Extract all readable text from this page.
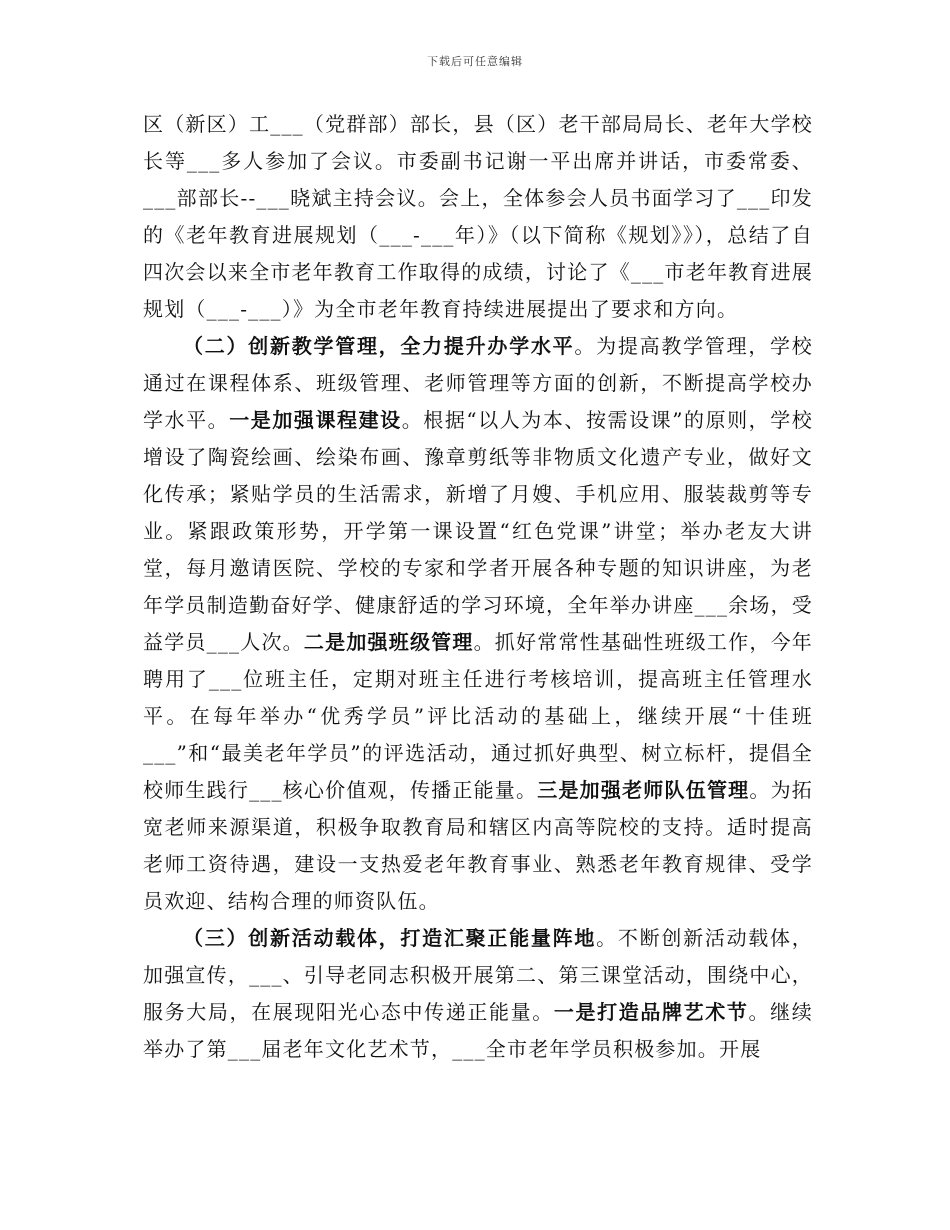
下载后可任意编辑

区（新区）工___（党群部）部长，县（区）老干部局局长、老年大学校长等___多人参加了会议。市委副书记谢一平出席并讲话，市委常委、___部部长--___晓斌主持会议。会上，全体参会人员书面学习了___印发的《老年教育进展规划（___-___年）》（以下简称《规划》》），总结了自四次会以来全市老年教育工作取得的成绩，讨论了《___市老年教育进展规划（___-___）》为全市老年教育持续进展提出了要求和方向。

（二）创新教学管理，全力提升办学水平。为提高教学管理，学校通过在课程体系、班级管理、老师管理等方面的创新，不断提高学校办学水平。一是加强课程建设。根据“以人为本、按需设课”的原则，学校增设了陶瓷绘画、绘染布画、豫章剪纸等非物质文化遗产专业，做好文化传承；紧贴学员的生活需求，新增了月嫂、手机应用、服装裁剪等专业。紧跟政策形势，开学第一课设置“红色党课”讲堂；举办老友大讲堂，每月邀请医院、学校的专家和学者开展各种专题的知识讲座，为老年学员制造勤奋好学、健康舒适的学习环境，全年举办讲座___余场，受益学员___人次。二是加强班级管理。抓好常常性基础性班级工作，今年聘用了___位班主任，定期对班主任进行考核培训，提高班主任管理水平。在每年举办“优秀学员”评比活动的基础上，继续开展“十佳班___”和“最美老年学员”的评选活动，通过抓好典型、树立标杆，提倡全校师生践行___核心价值观，传播正能量。三是加强老师队伍管理。为拓宽老师来源渠道，积极争取教育局和辖区内高等院校的支持。适时提高老师工资待遇，建设一支热爱老年教育事业、熟悉老年教育规律、受学员欢迎、结构合理的师资队伍。

（三）创新活动载体，打造汇聚正能量阵地。不断创新活动载体，加强宣传，___、引导老同志积极开展第二、第三课堂活动，围绕中心，服务大局，在展现阳光心态中传递正能量。一是打造品牌艺术节。继续举办了第___届老年文化艺术节，___全市老年学员积极参加。开展
